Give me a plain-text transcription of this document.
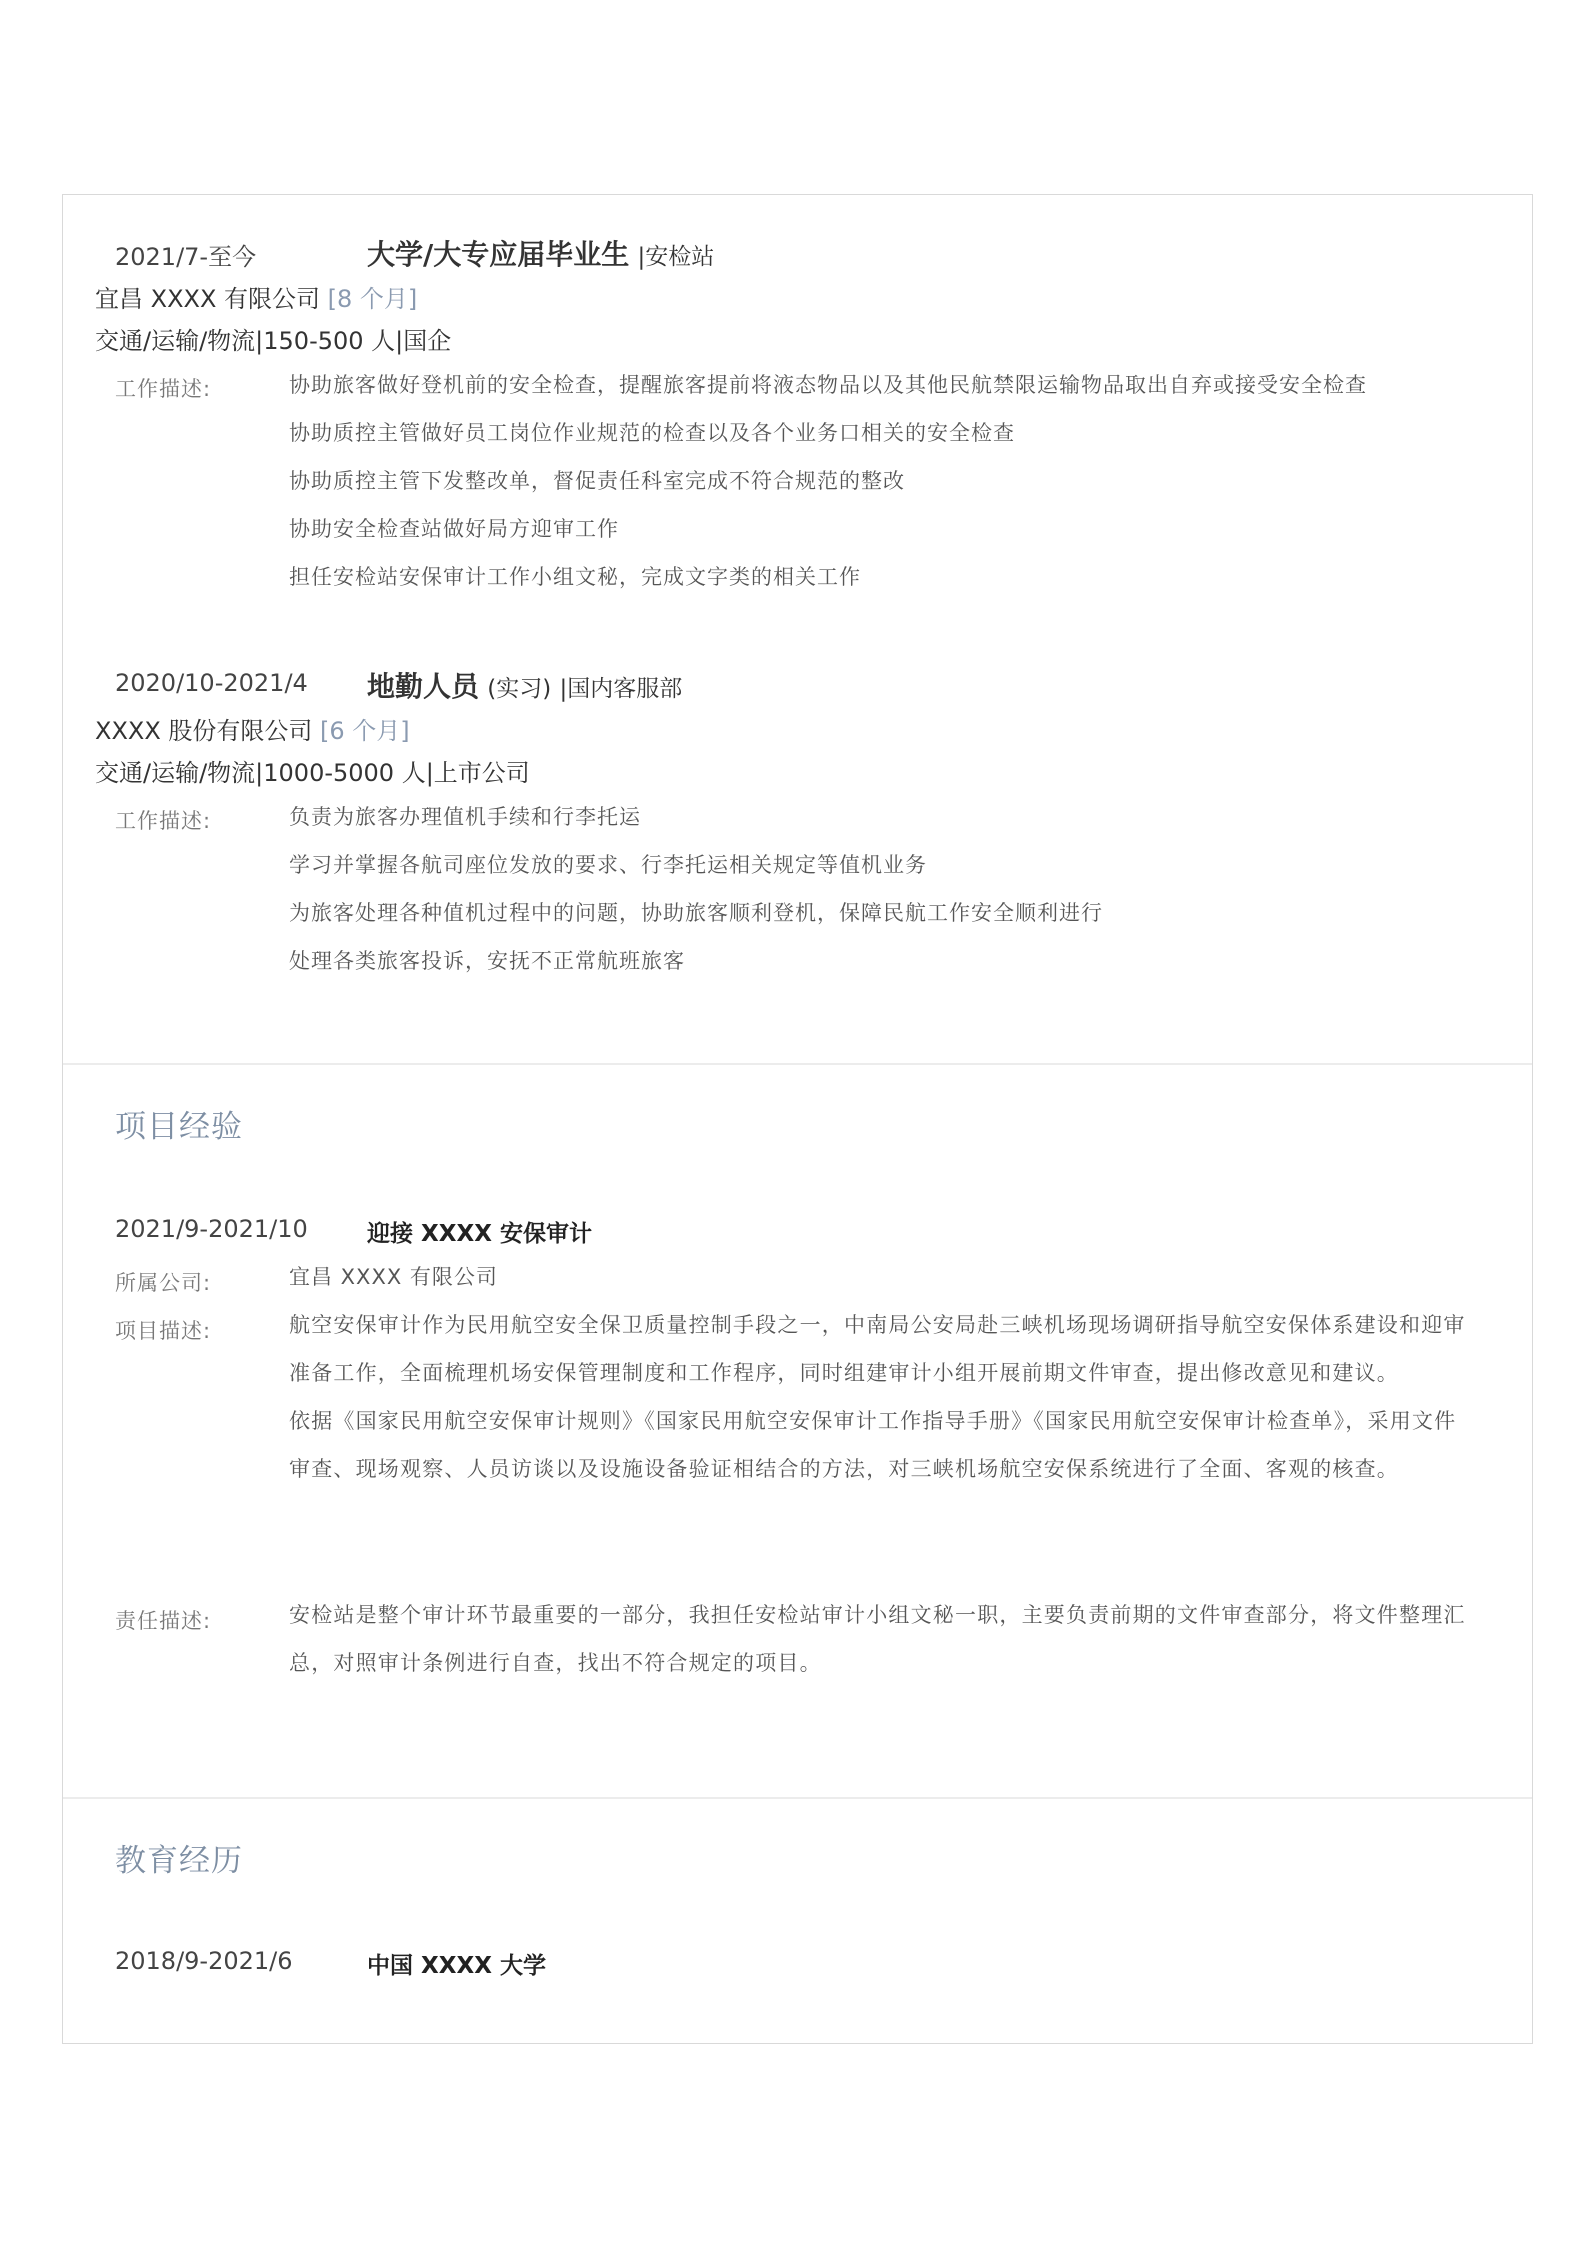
2021/7-至今	大学/大专应届毕业生 |安检站
宜昌 XXXX 有限公司 [8 个月]
交通/运输/物流|150-500 人|国企
工作描述:	协助旅客做好登机前的安全检查，提醒旅客提前将液态物品以及其他民航禁限运输物品取出自弃或接受安全检查
协助质控主管做好员工岗位作业规范的检查以及各个业务口相关的安全检查
协助质控主管下发整改单，督促责任科室完成不符合规范的整改
协助安全检查站做好局方迎审工作
担任安检站安保审计工作小组文秘，完成文字类的相关工作
2020/10-2021/4 地勤人员 (实习) |国内客服部
XXXX 股份有限公司 [6 个月]
交通/运输/物流|1000-5000 人|上市公司
工作描述:	负责为旅客办理值机手续和行李托运
学习并掌握各航司座位发放的要求、行李托运相关规定等值机业务
为旅客处理各种值机过程中的问题，协助旅客顺利登机，保障民航工作安全顺利进行
处理各类旅客投诉，安抚不正常航班旅客
项目经验
2021/9-2021/10	迎接 XXXX 安保审计
所属公司:	宜昌 XXXX 有限公司
项目描述:	航空安保审计作为民用航空安全保卫质量控制手段之一，中南局公安局赴三峡机场现场调研指导航空安保体系建设和迎审准备工作，全面梳理机场安保管理制度和工作程序，同时组建审计小组开展前期文件审查，提出修改意见和建议。
依据《国家民用航空安保审计规则》《国家民用航空安保审计工作指导手册》《国家民用航空安保审计检查单》，采用文件审查、现场观察、人员访谈以及设施设备验证相结合的方法，对三峡机场航空安保系统进行了全面、客观的核查。
责任描述:	安检站是整个审计环节最重要的一部分，我担任安检站审计小组文秘一职，主要负责前期的文件审查部分，将文件整理汇总，对照审计条例进行自查，找出不符合规定的项目。
教育经历
2018/9-2021/6	中国 XXXX 大学
